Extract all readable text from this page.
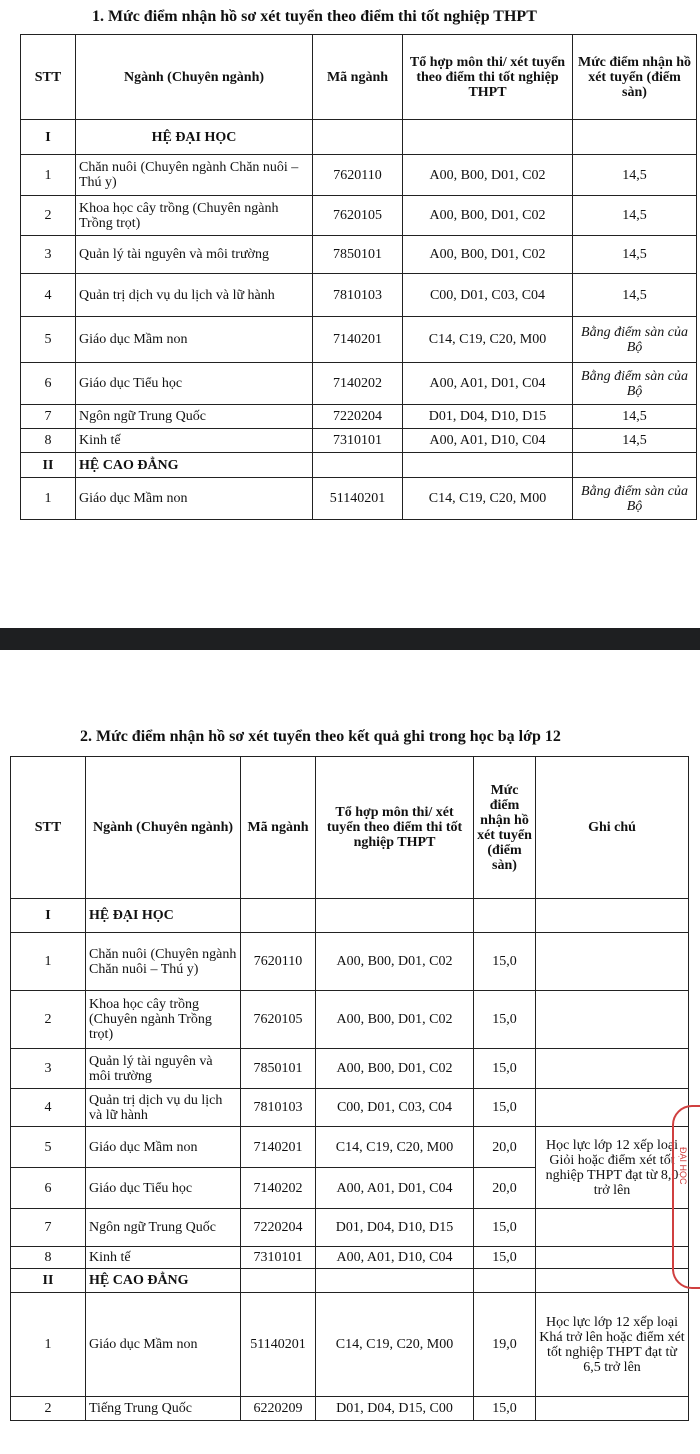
1. Mức điểm nhận hồ sơ xét tuyển theo điểm thi tốt nghiệp THPT
STT	Ngành (Chuyên ngành)	Mã ngành	Tổ hợp môn thi/ xét tuyển theo điểm thi tốt nghiệp THPT	Mức điểm nhận hồ xét tuyển (điểm sàn)
I	HỆ ĐẠI HỌC			
1	Chăn nuôi (Chuyên ngành Chăn nuôi – Thú y)	7620110	A00, B00, D01, C02	14,5
2	Khoa học cây trồng (Chuyên ngành Trồng trọt)	7620105	A00, B00, D01, C02	14,5
3	Quản lý tài nguyên và môi trường	7850101	A00, B00, D01, C02	14,5
4	Quản trị dịch vụ du lịch và lữ hành	7810103	C00, D01, C03, C04	14,5
5	Giáo dục Mầm non	7140201	C14, C19, C20, M00	Bằng điểm sàn của Bộ
6	Giáo dục Tiểu học	7140202	A00, A01, D01, C04	Bằng điểm sàn của Bộ
7	Ngôn ngữ Trung Quốc	7220204	D01, D04, D10, D15	14,5
8	Kinh tế	7310101	A00, A01, D10, C04	14,5
II	HỆ CAO ĐẲNG			
1	Giáo dục Mầm non	51140201	C14, C19, C20, M00	Bằng điểm sàn của Bộ
2. Mức điểm nhận hồ sơ xét tuyển theo kết quả ghi trong học bạ lớp 12
STT	Ngành (Chuyên ngành)	Mã ngành	Tổ hợp môn thi/ xét tuyển theo điểm thi tốt nghiệp THPT	Mức điểm nhận hồ xét tuyển (điểm sàn)	Ghi chú
I	HỆ ĐẠI HỌC				
1	Chăn nuôi (Chuyên ngành Chăn nuôi – Thú y)	7620110	A00, B00, D01, C02	15,0	
2	Khoa học cây trồng (Chuyên ngành Trồng trọt)	7620105	A00, B00, D01, C02	15,0	
3	Quản lý tài nguyên và môi trường	7850101	A00, B00, D01, C02	15,0	
4	Quản trị dịch vụ du lịch và lữ hành	7810103	C00, D01, C03, C04	15,0	
5	Giáo dục Mầm non	7140201	C14, C19, C20, M00	20,0	Học lực lớp 12 xếp loại Giỏi hoặc điểm xét tốt nghiệp THPT đạt từ 8,0 trở lên
6	Giáo dục Tiểu học	7140202	A00, A01, D01, C04	20,0	
7	Ngôn ngữ Trung Quốc	7220204	D01, D04, D10, D15	15,0	
8	Kinh tế	7310101	A00, A01, D10, C04	15,0	
II	HỆ CAO ĐẲNG				
1	Giáo dục Mầm non	51140201	C14, C19, C20, M00	19,0	Học lực lớp 12 xếp loại Khá trở lên hoặc điểm xét tốt nghiệp THPT đạt từ 6,5 trở lên
2	Tiếng Trung Quốc	6220209	D01, D04, D15, C00	15,0	
ĐẠI HỌC
